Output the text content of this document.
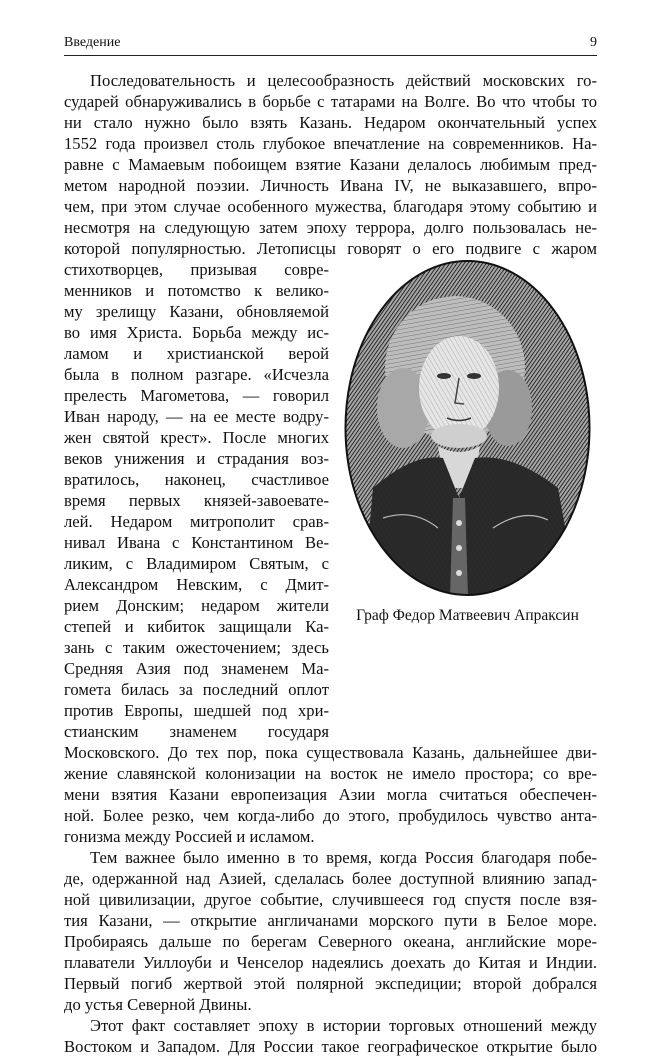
Введение	9
Последовательность и целесообразность действий московских го-
сударей обнаруживались в борьбе с татарами на Волге. Во что чтобы то
ни стало нужно было взять Казань. Недаром окончательный успех
1552 года произвел столь глубокое впечатление на современников. На-
равне с Мамаевым побоищем взятие Казани делалось любимым пред-
метом народной поэзии. Личность Ивана IV, не выказавшего, впро-
чем, при этом случае особенного мужества, благодаря этому событию и
несмотря на следующую затем эпоху террора, долго пользовалась не-
которой популярностью. Летописцы говорят о его подвиге с жаром
стихотворцев, призывая совре-
менников и потомство к велико-
му зрелищу Казани, обновляемой
во имя Христа. Борьба между ис-
ламом и христианской верой
была в полном разгаре. «Исчезла
прелесть Магометова, — говорил
Иван народу, — на ее месте водру-
жен святой крест». После многих
веков унижения и страдания воз-
вратилось, наконец, счастливое
время первых князей-завоевате-
лей. Недаром митрополит срав-
нивал Ивана с Константином Ве-
ликим, с Владимиром Святым, с
Александром Невским, с Дмит-
рием Донским; недаром жители
степей и кибиток защищали Ка-
зань с таким ожесточением; здесь
Средняя Азия под знаменем Ма-
гомета билась за последний оплот
против Европы, шедшей под хри-
стианским знаменем государя
Московского. До тех пор, пока существовала Казань, дальнейшее дви-
жение славянской колонизации на восток не имело простора; со вре-
мени взятия Казани европеизация Азии могла считаться обеспечен-
ной. Более резко, чем когда-либо до этого, пробудилось чувство анта-
гонизма между Россией и исламом.
Тем важнее было именно в то время, когда Россия благодаря побе-
де, одержанной над Азией, сделалась более доступной влиянию запад-
ной цивилизации, другое событие, случившееся год спустя после взя-
тия Казани, — открытие англичанами морского пути в Белое море.
Пробираясь дальше по берегам Северного океана, английские море-
плаватели Уиллоуби и Ченселор надеялись доехать до Китая и Индии.
Первый погиб жертвой этой полярной экспедиции; второй добрался
до устья Северной Двины.
Этот факт составляет эпоху в истории торговых отношений между
Востоком и Западом. Для России такое географическое открытие было
Граф Федор Матвеевич Апраксин
